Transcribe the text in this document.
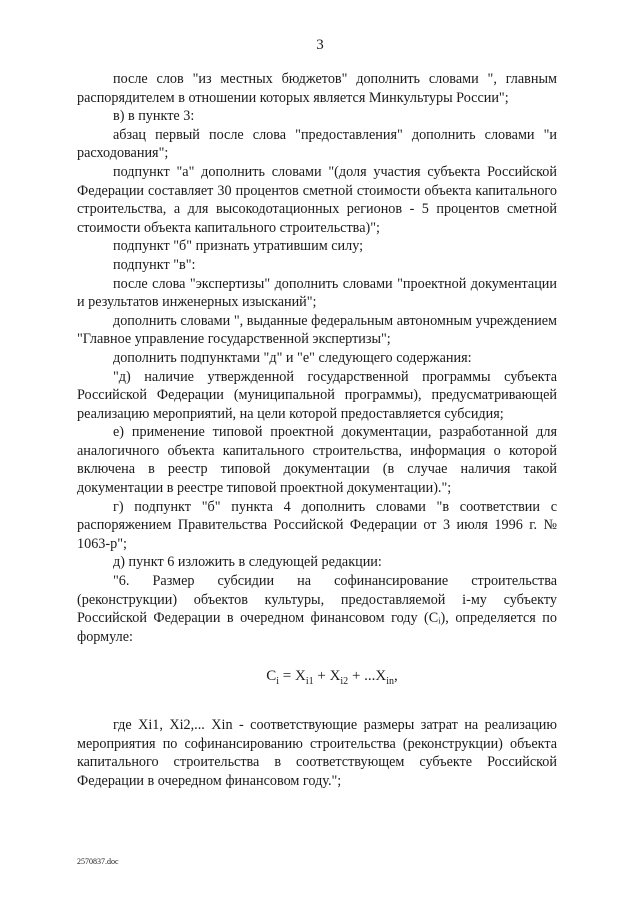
3

после слов "из местных бюджетов" дополнить словами ", главным распорядителем в отношении которых является Минкультуры России";

в) в пункте 3:

абзац первый после слова "предоставления" дополнить словами "и расходования";

подпункт "а" дополнить словами "(доля участия субъекта Российской Федерации составляет 30 процентов сметной стоимости объекта капитального строительства, а для высокодотационных регионов - 5 процентов сметной стоимости объекта капитального строительства)";

подпункт "б" признать утратившим силу;

подпункт "в":

после слова "экспертизы" дополнить словами "проектной документации и результатов инженерных изысканий";

дополнить словами ", выданные федеральным автономным учреждением "Главное управление государственной экспертизы";

дополнить подпунктами "д" и "е" следующего содержания:

"д) наличие утвержденной государственной программы субъекта Российской Федерации (муниципальной программы), предусматривающей реализацию мероприятий, на цели которой предоставляется субсидия;

е) применение типовой проектной документации, разработанной для аналогичного объекта капитального строительства, информация о которой включена в реестр типовой документации (в случае наличия такой документации в реестре типовой проектной документации).";

г) подпункт "б" пункта 4 дополнить словами "в соответствии с распоряжением Правительства Российской Федерации от 3 июля 1996 г. № 1063-р";

д) пункт 6 изложить в следующей редакции:

"6. Размер субсидии на софинансирование строительства (реконструкции) объектов культуры, предоставляемой i-му субъекту Российской Федерации в очередном финансовом году (Cᵢ), определяется по формуле:

$C_i = X_{i1} + X_{i2} + ...X_{in}$,

где Xi1, Xi2,... Xin - соответствующие размеры затрат на реализацию мероприятия по софинансированию строительства (реконструкции) объекта капитального строительства в соответствующем субъекте Российской Федерации в очередном финансовом году.";

2570837.doc
